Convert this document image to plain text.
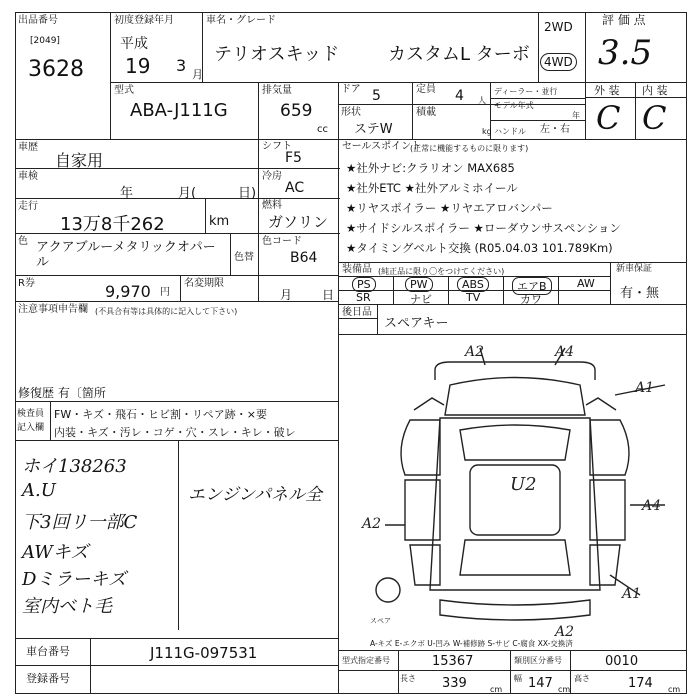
出品番号
[2049]
3628
初度登録年月
平成
19 3 月
車名・グレード
テリオスキッド	カスタムL ターボ
2WD
4WD
評 価 点
3.5
外 装 内 装
C C
型式
ABA-J111G
排気量
659
cc
ドア 5	定員 4 人
形状
ステW
積載
kg
ディーラー・並行
モデル年式
年
ハンドル 左・右
車歴
自家用
車検
年	月(	日)
走行
13万8千262	km
色 アクアブルーメタリックオパール	色替
R券	9,970 円
名変期限
月 日
注意事項申告欄 (不具合有等は具体的に記入して下さい)
修復歴 有〔箇所
検査員記入欄
FW・キズ・飛石・ヒビ割・リペア跡・×要
内装・キズ・汚レ・コゲ・穴・スレ・キレ・破レ
ホイ138263
A.U
下3回リ一部C
AWキズ
Dミラーキズ
室内ベト毛
エンジンパネル全
シフト
F5
冷房
AC
燃料
ガソリン
色コード
B64
セールスポイント
(正常に機能するものに限ります)
★社外ナビ:クラリオン MAX685
★社外ETC ★社外アルミホイール
★リヤスポイラー ★リヤエアロバンパー
★サイドシルスポイラー ★ローダウンサスペンション
★タイミングベルト交換 (R05.04.03 101.789Km)
装備品 (純正品に限り〇をつけてください)	新車保証
有・無
PS	PW	ABS	エアB	AW
SR	ナビ	TV	カワ
後日品
スペアキー
A2	A4
A1
U2
A4
A2
A1
A2
スペア
A-キズ E-エクボ U-凹み W-補修跡 S-サビ C-腐食 XX-交換済
車台番号	J111G-097531
登録番号
型式指定番号	15367	類別区分番号	0010
長さ 339	cm
幅 147 cm
高さ	174 cm
